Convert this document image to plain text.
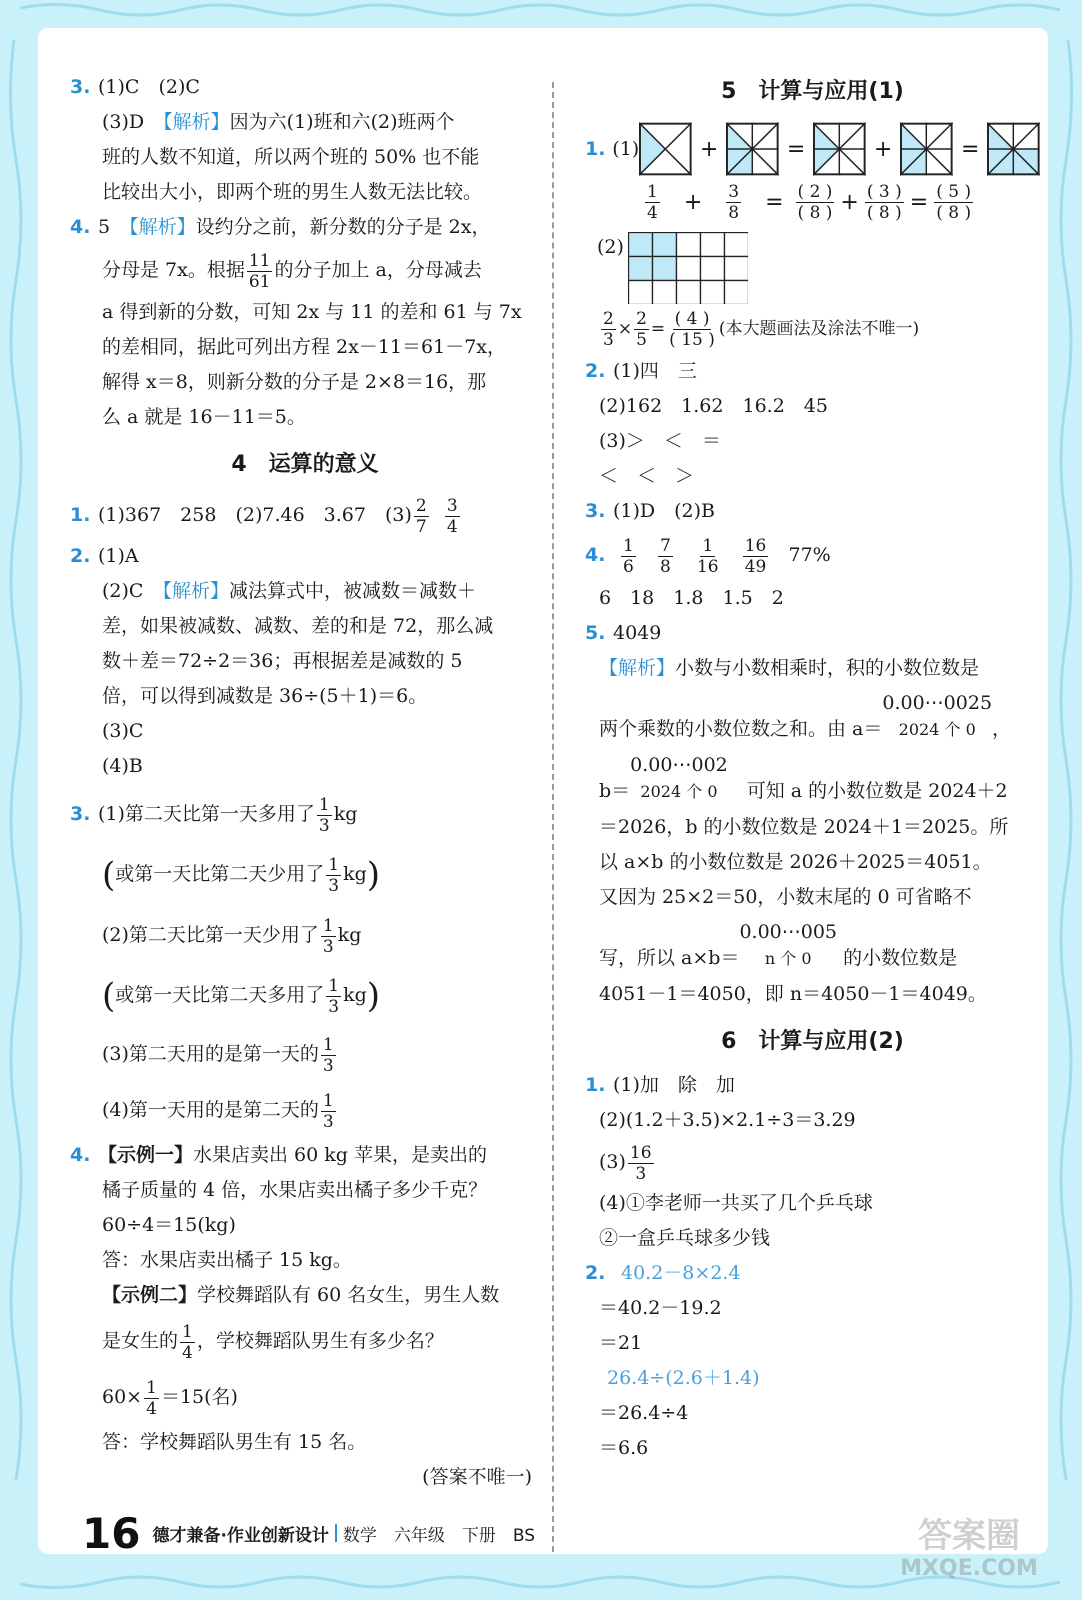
3. (1)C　(2)C
(3)D　【解析】因为六(1)班和六(2)班两个
班的人数不知道，所以两个班的 50% 也不能
比较出大小，即两个班的男生人数无法比较。
4. 5　【解析】设约分之前，新分数的分子是 2x，
分母是 7x。根据 $\frac{11}{61}$ 的分子加上 a，分母减去
a 得到新的分数，可知 2x 与 11 的差和 61 与 7x
的差相同，据此可列出方程 2x－11＝61－7x，
解得 x＝8，则新分数的分子是 2×8＝16，那
么 a 就是 16－11＝5。
4　运算的意义
1. (1)367　258　(2)7.46　3.67　$(3) \frac{2}{7}$
$\frac{3}{4}$
2. (1)A
(2)C　【解析】减法算式中，被减数＝减数＋
差，如果被减数、减数、差的和是 72，那么减
数＋差＝72÷2＝36；再根据差是减数的 5
倍，可以得到减数是 36÷(5＋1)＝6。
(3)C
(4)B
3. (1)第二天比第一天多用了 $\frac{1}{3}$ kg
(或第一天比第二天少用了 $\frac{1}{3} kg$)
(2)第二天比第一天少用了 $\frac{1}{3}$ kg
(或第一天比第二天多用了 $\frac{1}{3} kg$)
(3)第二天用的是第一天的 $\frac{1}{3}$
(4)第一天用的是第二天的 $\frac{1}{3}$
4. 【示例一】水果店卖出 60 kg 苹果，是卖出的
橘子质量的 4 倍，水果店卖出橘子多少千克？
60÷4＝15(kg)
答：水果店卖出橘子 15 kg。
【示例二】学校舞蹈队有 60 名女生，男生人数
是女生的 $\frac{1}{4}$ ，学校舞蹈队男生有多少名？
$60\times \frac{1}{4} =15$(名)
答：学校舞蹈队男生有 15 名。
(答案不唯一)
5　计算与应用(1)
1. (1)	+	=	+	=
$\frac{1}{4} + \frac{3}{8} = \frac{( 2 )}{( 8 )} + \frac{( 3 )}{( 8 )} = \frac{( 5 )}{( 8 )}$
(2)
$\frac{2}{3} \times \frac{2}{5} = \frac{( 4 )}{( 15 )}$ (本大题画法及涂法不唯一)
2. (1)四　三
(2)162　1.62　16.2　45
(3)＞　＜　＝
＜　＜　＞
3. (1)D　(2)B
4. $\frac{1}{6}$
$\frac{7}{8}$
$\frac{1}{16}$
$\frac{16}{49} 77\%$
6　18　1.8　1.5　2
5. 4049
【解析】小数与小数相乘时，积的小数位数是
两个乘数的小数位数之和。由 a＝0.00⋯0025
2024 个 0 ，
b＝0.00⋯002
2024 个 0 　可知 a 的小数位数是 2024＋2
＝2026，b 的小数位数是 2024＋1＝2025。所
以 a×b 的小数位数是 2026＋2025＝4051。
又因为 25×2＝50，小数末尾的 0 可省略不
写，所以 a×b＝0.00⋯005
n 个 0	的小数位数是
4051－1＝4050，即 n＝4050－1＝4049。
6　计算与应用(2)
1. (1)加　除　加
(2)(1.2＋3.5)×2.1÷3＝3.29
$(3) \frac{16}{3}$
(4)①李老师一共买了几个乒乓球
②一盒乒乓球多少钱
2. 40.2－8×2.4
＝40.2－19.2
＝21
26.4÷(2.6＋1.4)
＝26.4÷4
＝6.6
16 德才兼备·作业创新设计 数学　六年级　下册　BS	答案圈
MXQE.COM
